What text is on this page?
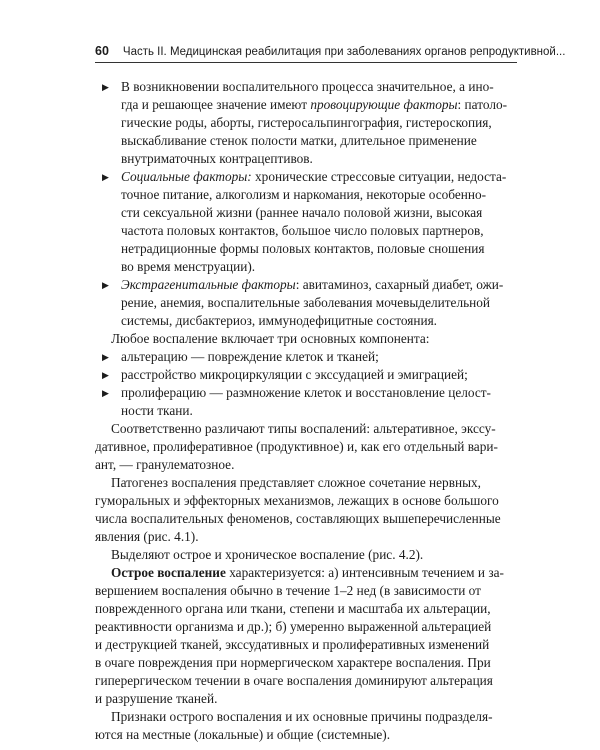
60 Часть II. Медицинская реабилитация при заболеваниях органов репродуктивной...
▶ В возникновении воспалительного процесса значительное, а ино-
гда и решающее значение имеют провоцирующие факторы: патоло-
гические роды, аборты, гистеросальпингография, гистероскопия,
выскабливание стенок полости матки, длительное применение
внутриматочных контрацептивов.
▶ Социальные факторы: хронические стрессовые ситуации, недоста-
точное питание, алкоголизм и наркомания, некоторые особенно-
сти сексуальной жизни (раннее начало половой жизни, высокая
частота половых контактов, большое число половых партнеров,
нетрадиционные формы половых контактов, половые сношения
во время менструации).
▶ Экстрагенитальные факторы: авитаминоз, сахарный диабет, ожи-
рение, анемия, воспалительные заболевания мочевыделительной
системы, дисбактериоз, иммунодефицитные состояния.
Любое воспаление включает три основных компонента:
▶ альтерацию — повреждение клеток и тканей;
▶ расстройство микроциркуляции с экссудацией и эмиграцией;
▶ пролиферацию — размножение клеток и восстановление целост-
ности ткани.
Соответственно различают типы воспалений: альтеративное, экссу-
дативное, пролиферативное (продуктивное) и, как его отдельный вари-
ант, — гранулематозное.
Патогенез воспаления представляет сложное сочетание нервных,
гуморальных и эффекторных механизмов, лежащих в основе большого
числа воспалительных феноменов, составляющих вышеперечисленные
явления (рис. 4.1).
Выделяют острое и хроническое воспаление (рис. 4.2).
Острое воспаление характеризуется: а) интенсивным течением и за-
вершением воспаления обычно в течение 1–2 нед (в зависимости от
поврежденного органа или ткани, степени и масштаба их альтерации,
реактивности организма и др.); б) умеренно выраженной альтерацией
и деструкцией тканей, экссудативных и пролиферативных изменений
в очаге повреждения при нормергическом характере воспаления. При
гиперергическом течении в очаге воспаления доминируют альтерация
и разрушение тканей.
Признаки острого воспаления и их основные причины подразделя-
ются на местные (локальные) и общие (системные).
